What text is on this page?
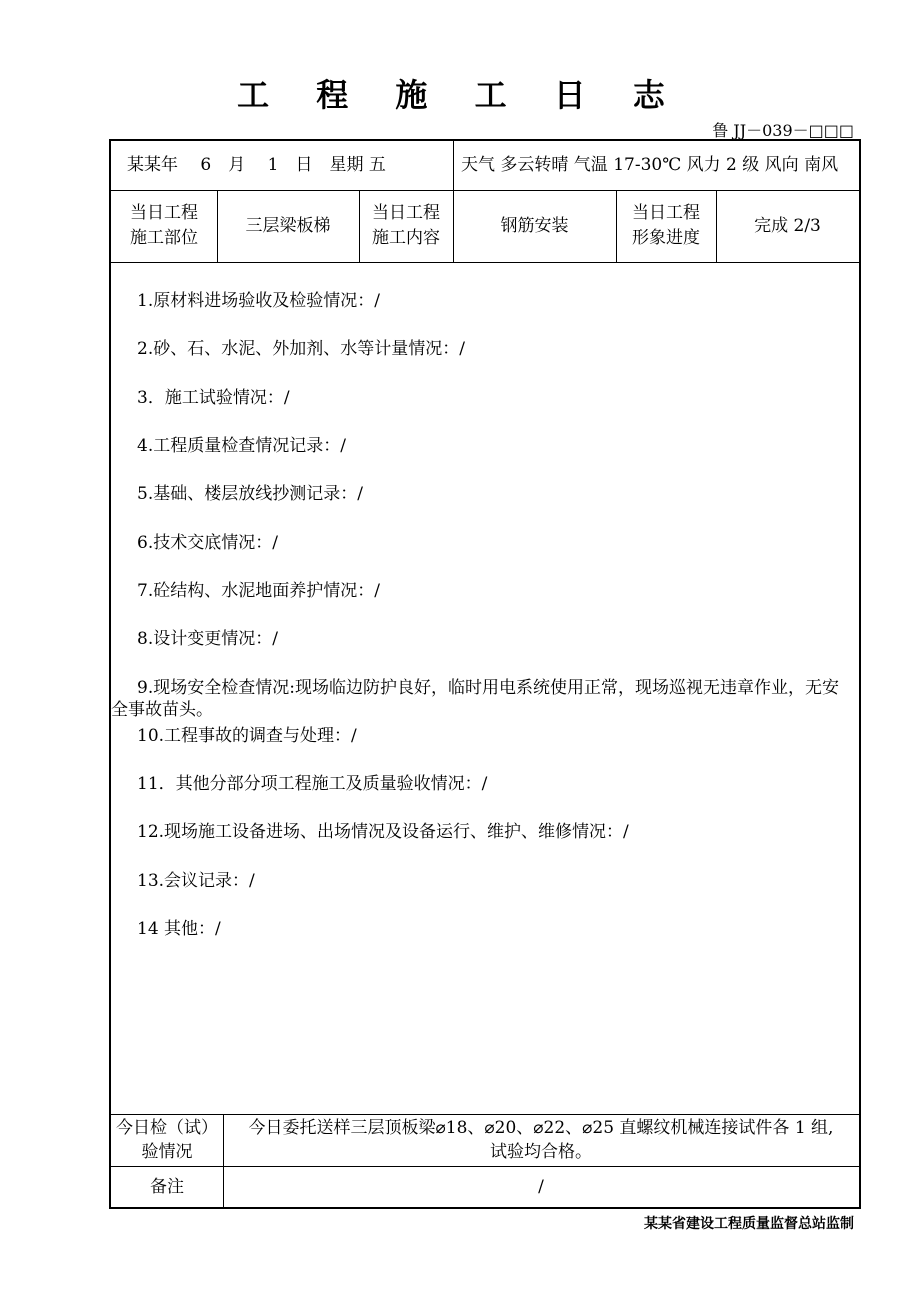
工 程 施 工 日 志
鲁 JJ－039－□□□
某某年　 6　月　 1　日　星期 五	天气 多云转晴 气温 17-30℃ 风力 2 级 风向 南风
当日工程
施工部位
三层梁板梯
当日工程
施工内容
钢筋安装
当日工程
形象进度
完成 2/3
1.原材料进场验收及检验情况：/
2.砂、石、水泥、外加剂、水等计量情况：/
3．施工试验情况：/
4.工程质量检查情况记录：/
5.基础、楼层放线抄测记录：/
6.技术交底情况：/
7.砼结构、水泥地面养护情况：/
8.设计变更情况：/
9.现场安全检查情况:现场临边防护良好，临时用电系统使用正常，现场巡视无违章作业，无安全事故苗头。
10.工程事故的调查与处理：/
11．其他分部分项工程施工及质量验收情况：/
12.现场施工设备进场、出场情况及设备运行、维护、维修情况：/
13.会议记录：/
14 其他：/
今日检（试）
验情况
今日委托送样三层顶板梁⌀18、⌀20、⌀22、⌀25 直螺纹机械连接试件各 1 组,
试验均合格。
备注	/
某某省建设工程质量监督总站监制
